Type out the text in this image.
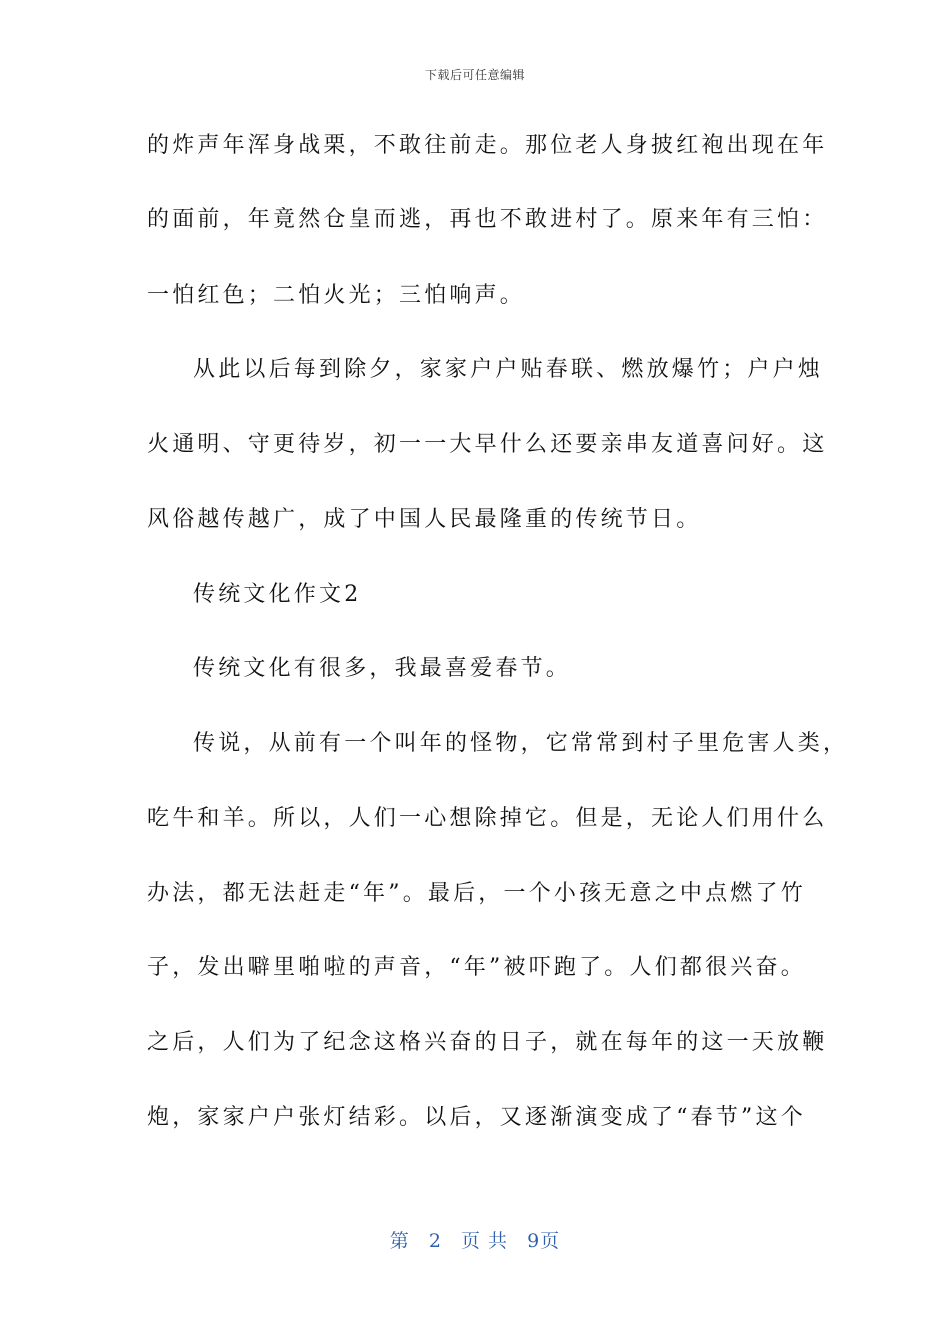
下载后可任意编辑
的炸声年浑身战栗，不敢往前走。那位老人身披红袍出现在年
的面前，年竟然仓皇而逃，再也不敢进村了。原来年有三怕：
一怕红色；二怕火光；三怕响声。
从此以后每到除夕，家家户户贴春联、燃放爆竹；户户烛
火通明、守更待岁，初一一大早什么还要亲串友道喜问好。这
风俗越传越广，成了中国人民最隆重的传统节日。
传统文化作文2
传统文化有很多，我最喜爱春节。
传说，从前有一个叫年的怪物，它常常到村子里危害人类，
吃牛和羊。所以，人们一心想除掉它。但是，无论人们用什么
办法，都无法赶走“年”。最后，一个小孩无意之中点燃了竹
子，发出噼里啪啦的声音，“年”被吓跑了。人们都很兴奋。
之后，人们为了纪念这格兴奋的日子，就在每年的这一天放鞭
炮，家家户户张灯结彩。以后，又逐渐演变成了“春节”这个
第 2 页 共 9页
